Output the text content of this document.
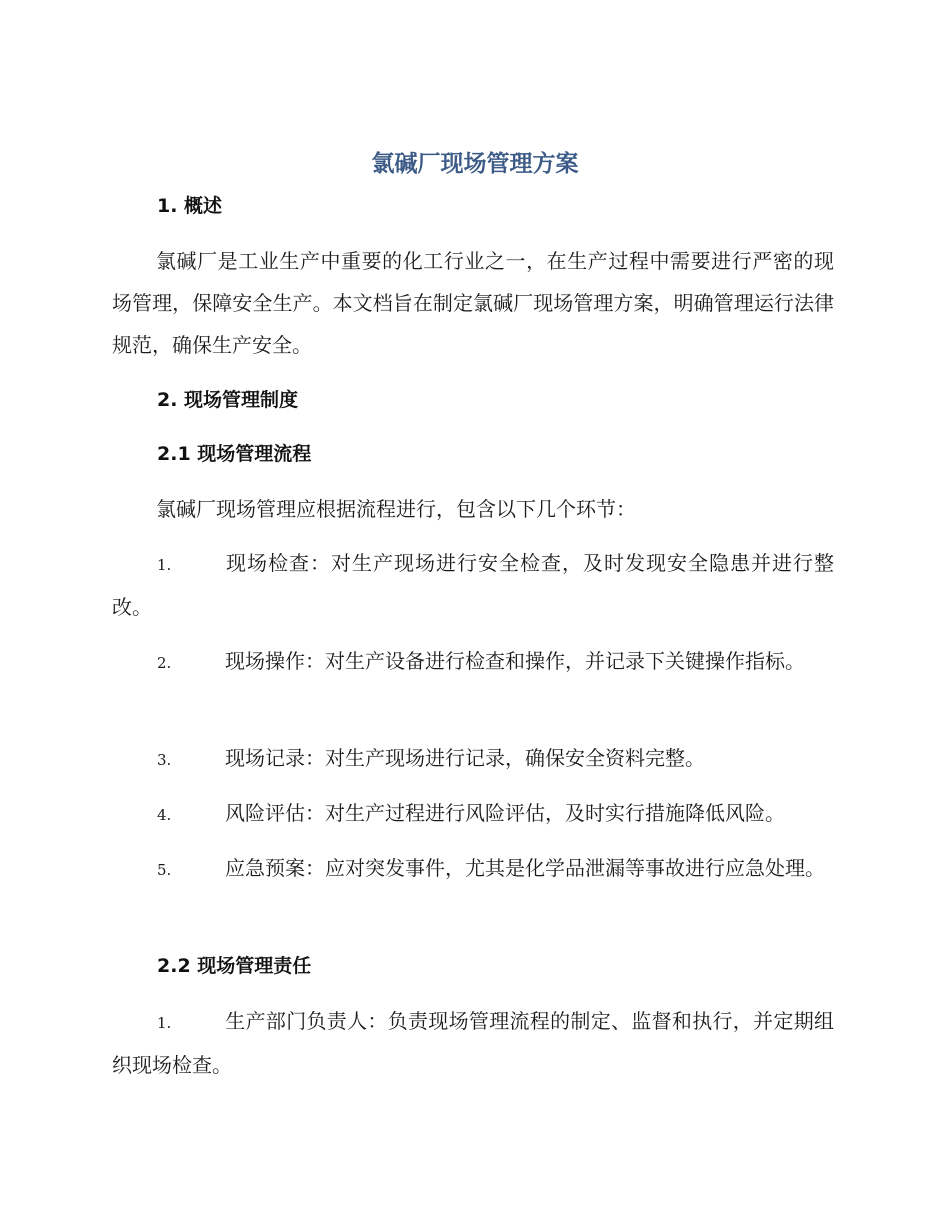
氯碱厂现场管理方案
1. 概述

氯碱厂是工业生产中重要的化工行业之一，在生产过程中需要进行严密的现场管理，保障安全生产。本文档旨在制定氯碱厂现场管理方案，明确管理运行法律规范，确保生产安全。

2. 现场管理制度
2.1 现场管理流程

氯碱厂现场管理应根据流程进行，包含以下几个环节：

1.	现场检查：对生产现场进行安全检查，及时发现安全隐患并进行整改。

2.	现场操作：对生产设备进行检查和操作，并记录下关键操作指标。

3.	现场记录：对生产现场进行记录，确保安全资料完整。

4.	风险评估：对生产过程进行风险评估，及时实行措施降低风险。

5.	应急预案：应对突发事件，尤其是化学品泄漏等事故进行应急处理。

2.2 现场管理责任

1.	生产部门负责人：负责现场管理流程的制定、监督和执行，并定期组织现场检查。
